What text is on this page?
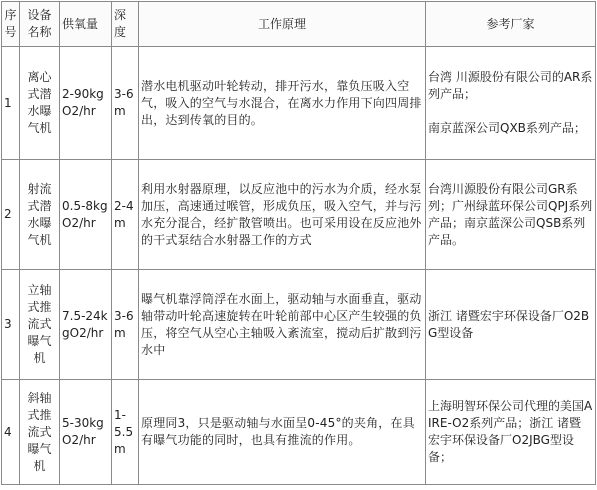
序号	设备名称	供氧量	深度	工作原理	参考厂家
1	离心式潜水曝气机	2-90kgO2/hr	3-6m	潜水电机驱动叶轮转动，排开污水，靠负压吸入空气，吸入的空气与水混合，在离水力作用下向四周排出，达到传氧的目的。	台湾 川源股份有限公司的AR系列产品；
南京蓝深公司QXB系列产品；

2	射流式潜水曝气机	0.5-8kgO2/hr	2-4m	利用水射器原理，以反应池中的污水为介质，经水泵加压，高速通过喉管，形成负压，吸入空气，并与污水充分混合，经扩散管喷出。也可采用设在反应池外的干式泵结合水射器工作的方式	台湾川源股份有限公司GR系列；广州绿蓝环保公司QPJ系列产品；南京蓝深公司QSB系列产品。

3	立轴式推流式曝气机	7.5-24kgO2/hr	3-6m	曝气机靠浮筒浮在水面上，驱动轴与水面垂直，驱动轴带动叶轮高速旋转在叶轮前部中心区产生较强的负压，将空气从空心主轴吸入紊流室，搅动后扩散到污水中	浙江 诸暨宏宇环保设备厂O2BG型设备

4	斜轴式推流式曝气机	5-30kgO2/hr	1-5.5m	原理同3，只是驱动轴与水面呈0-45°的夹角，在具有曝气功能的同时，也具有推流的作用。	上海明智环保公司代理的美国AIRE-O2系列产品；浙江 诸暨宏宇环保设备厂O2JBG型设备；
